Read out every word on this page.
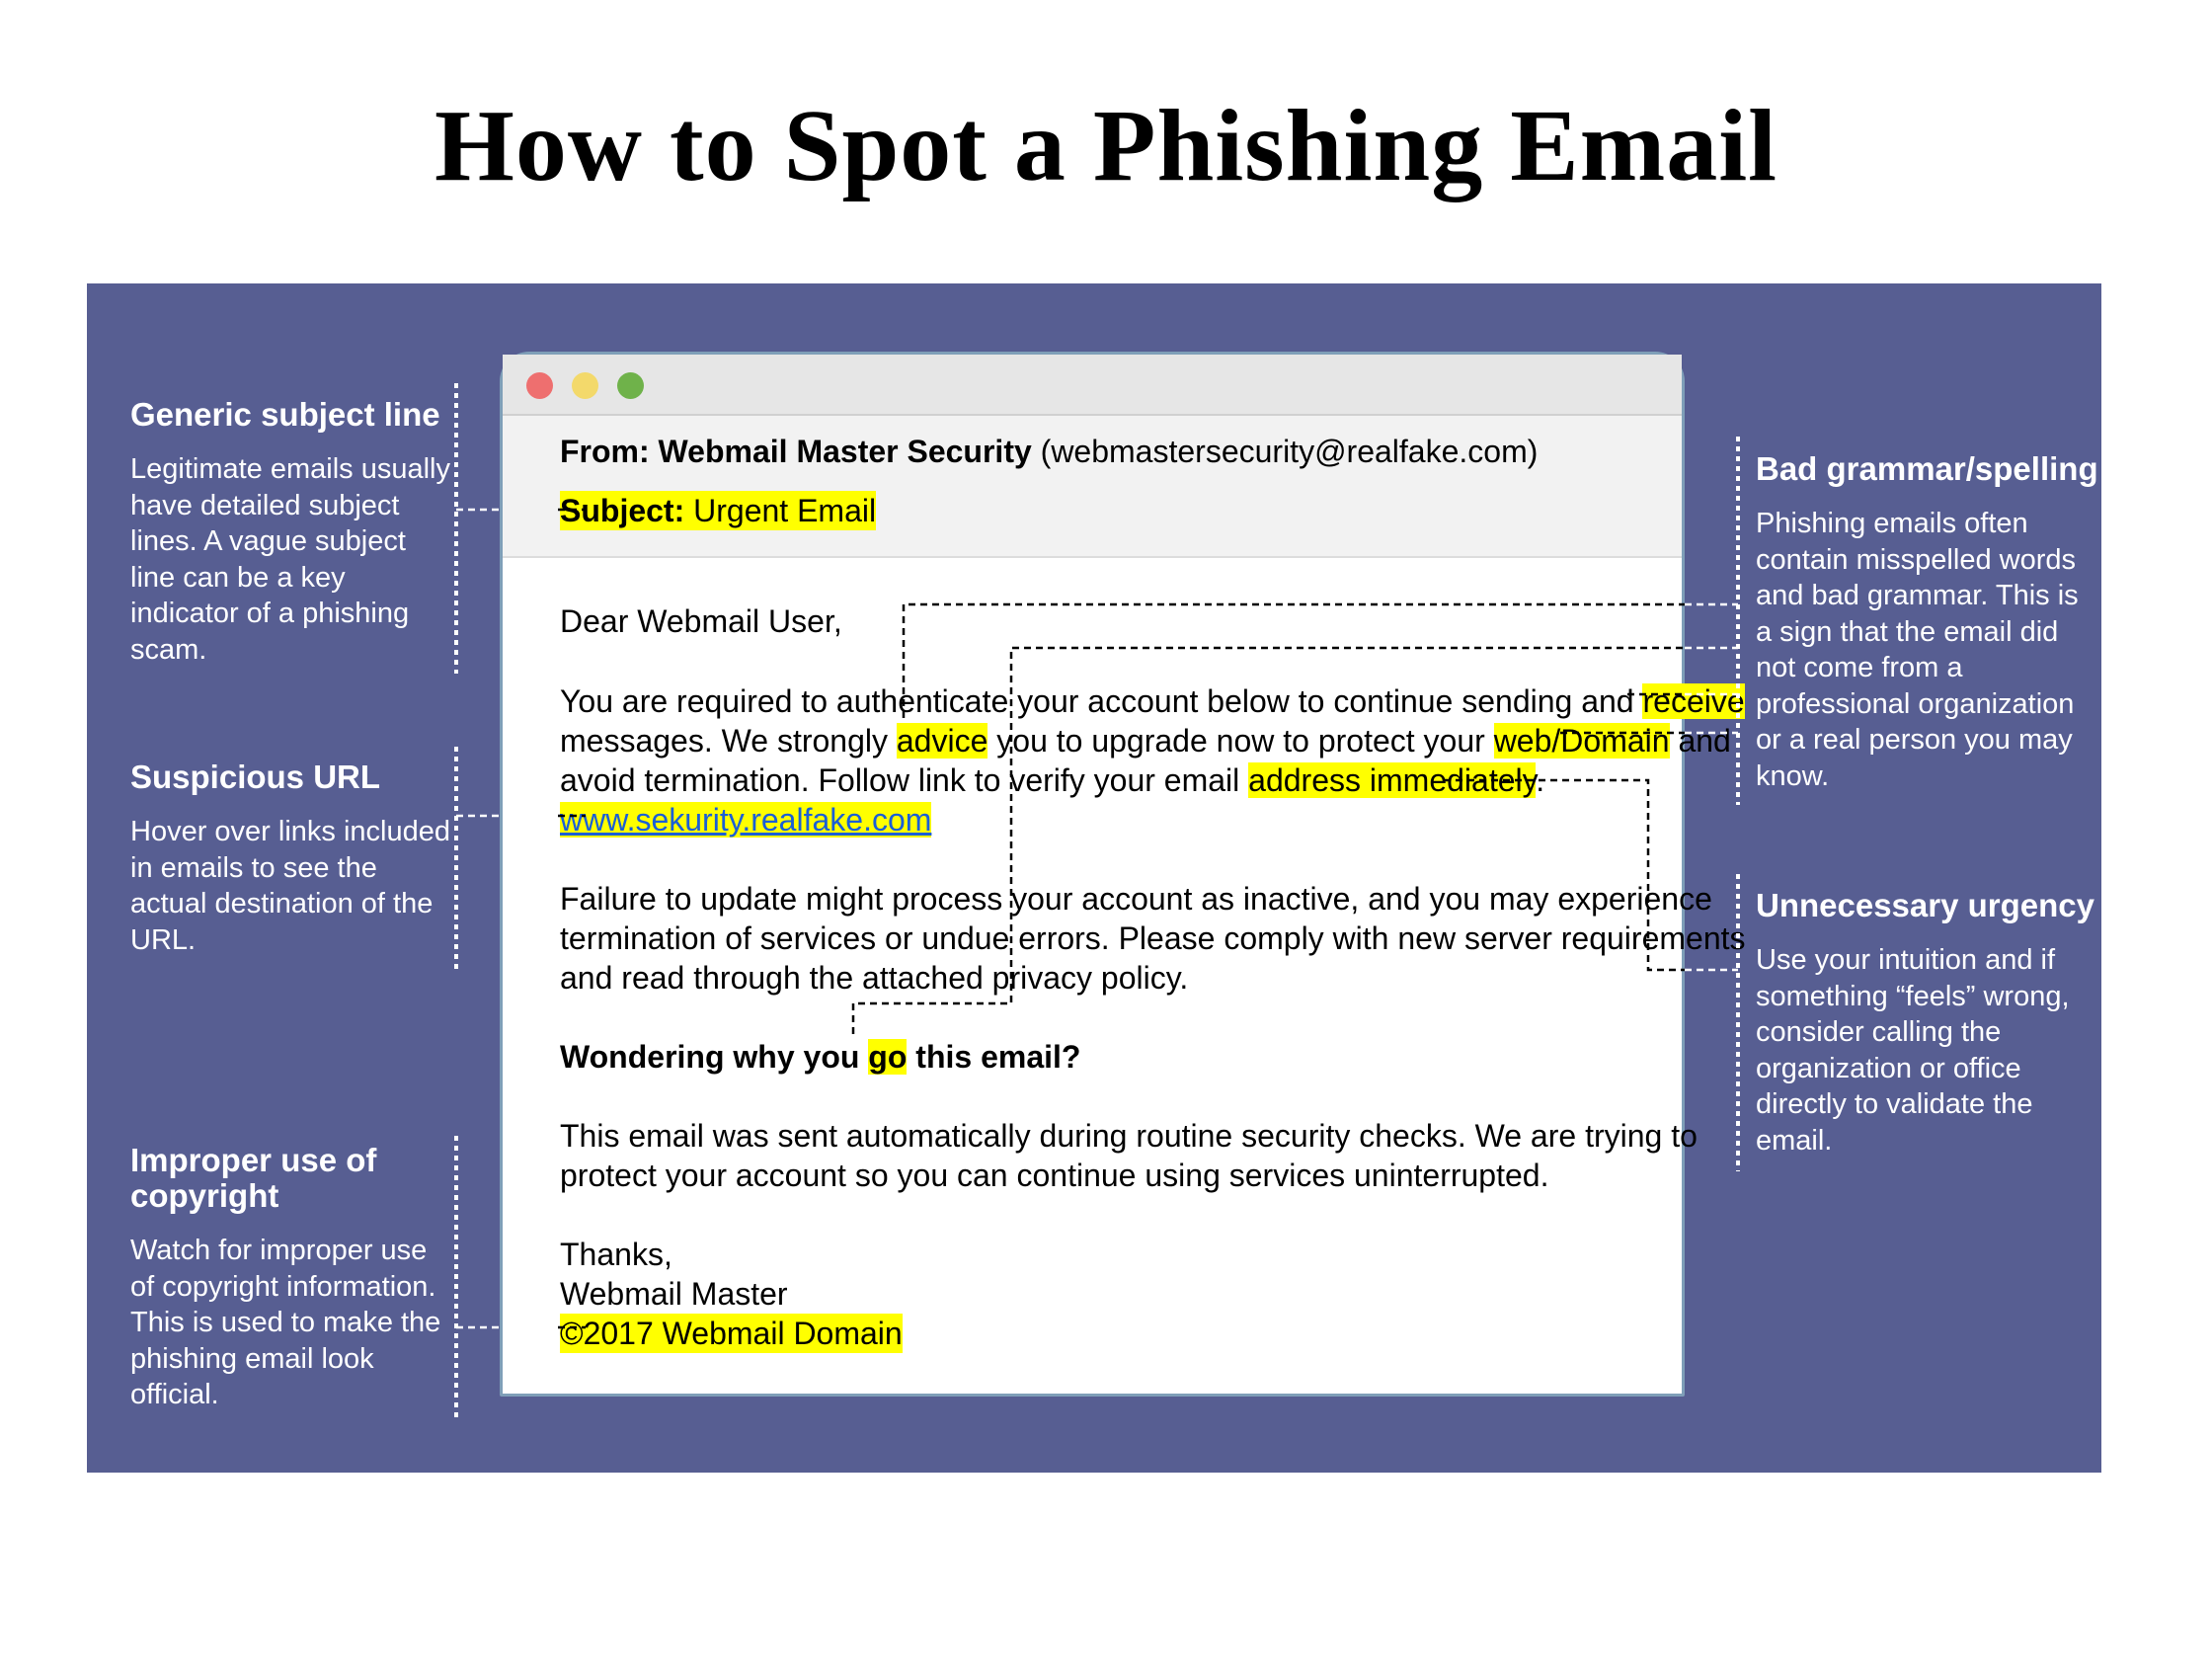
How to Spot a Phishing Email
From: Webmail Master Security (webmastersecurity@realfake.com)
Subject: Urgent Email
Dear Webmail User,
You are required to authenticate your account below to continue sending and receive
messages. We strongly advice you to upgrade now to protect your web/Domain and
avoid termination. Follow link to verify your email address immediately.
www.sekurity.realfake.com
Failure to update might process your account as inactive, and you may experience
termination of services or undue errors. Please comply with new server requirements
and read through the attached privacy policy.
Wondering why you go this email?
This email was sent automatically during routine security checks. We are trying to
protect your account so you can continue using services uninterrupted.
Thanks,
Webmail Master
©2017 Webmail Domain
Generic subject line
Legitimate emails usually
have detailed subject
lines. A vague subject
line can be a key
indicator of a phishing
scam.
Suspicious URL
Hover over links included
in emails to see the
actual destination of the
URL.
Improper use of
copyright
Watch for improper use
of copyright information.
This is used to make the
phishing email look
official.
Bad grammar/spelling
Phishing emails often
contain misspelled words
and bad grammar. This is
a sign that the email did
not come from a
professional organization
or a real person you may
know.
Unnecessary urgency
Use your intuition and if
something “feels” wrong,
consider calling the
organization or office
directly to validate the
email.
